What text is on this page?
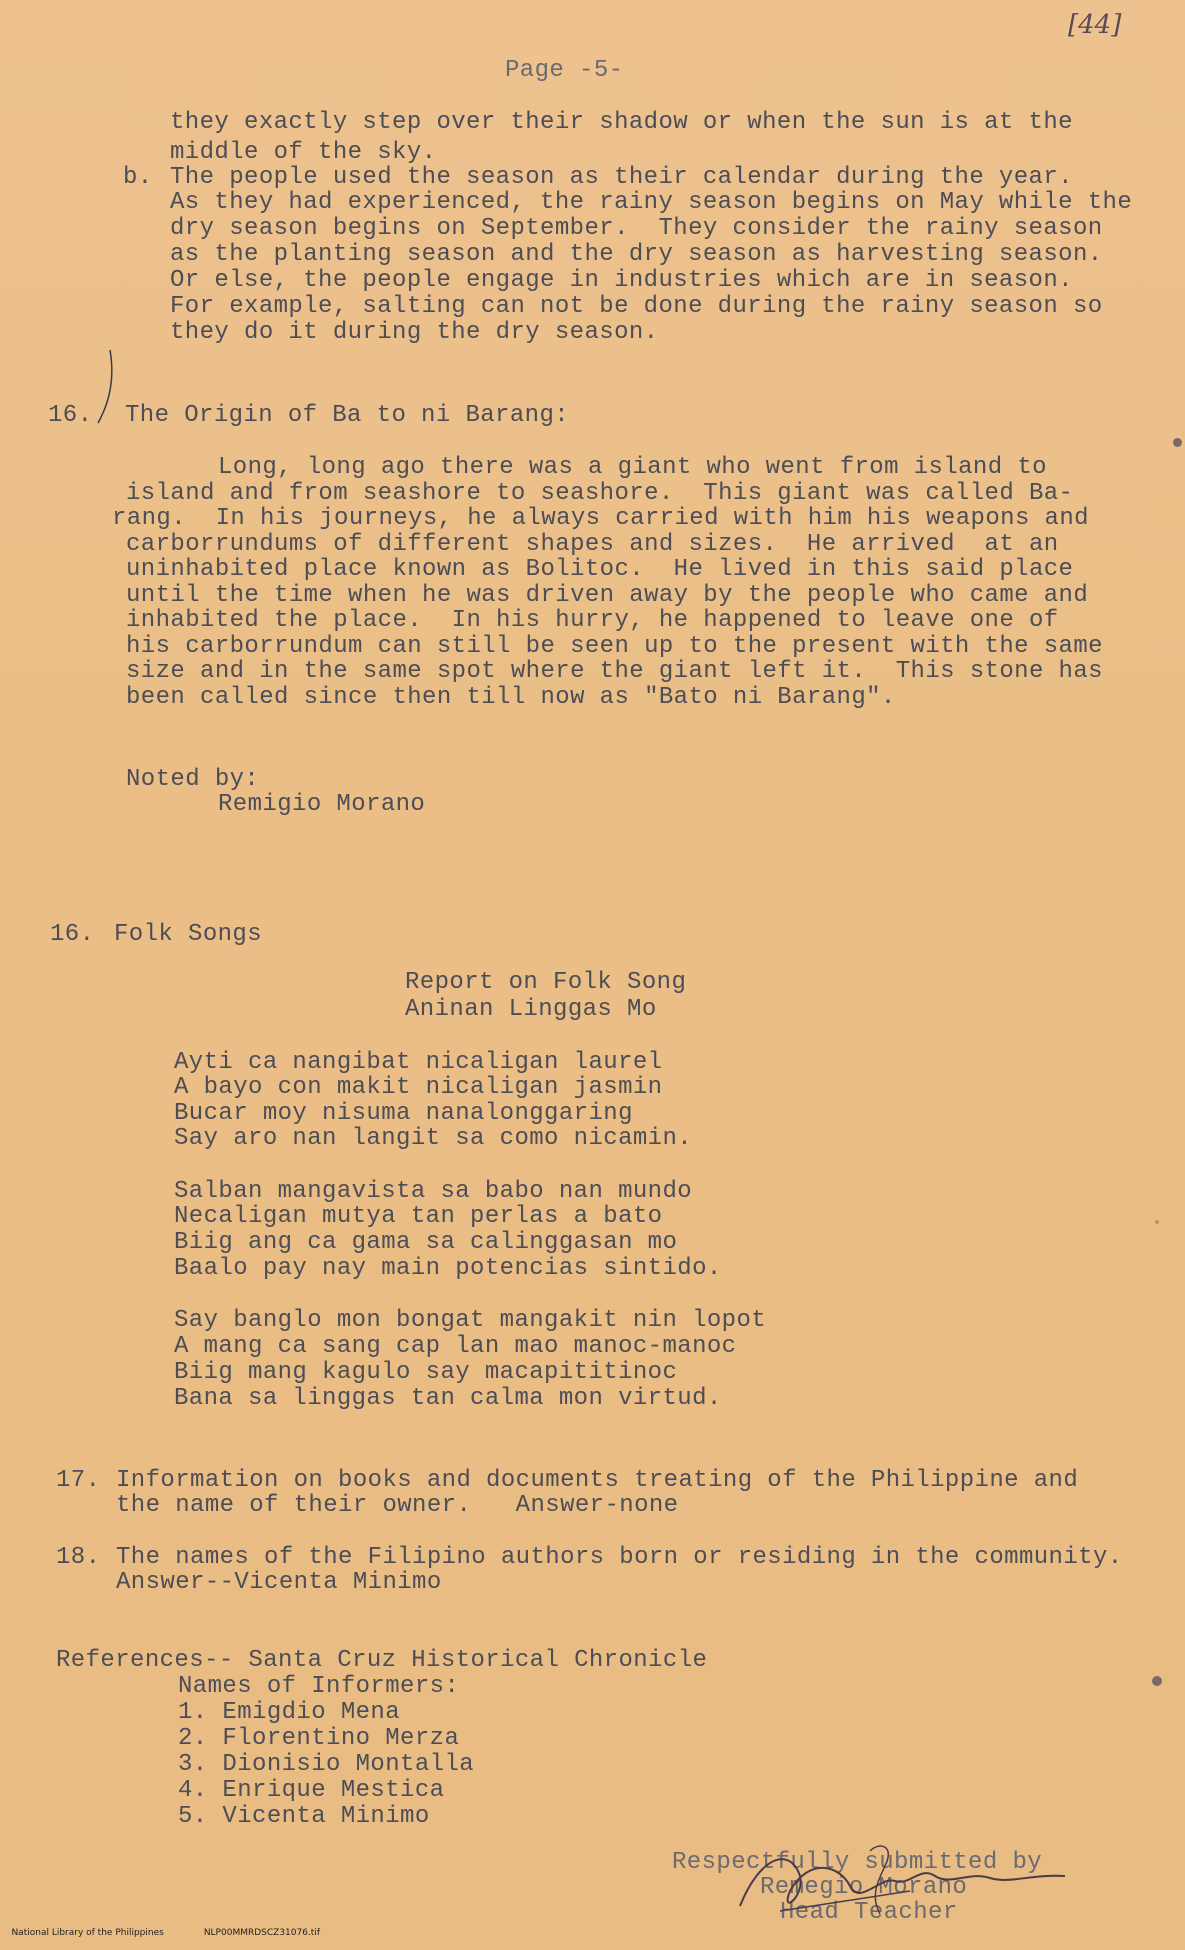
[44]
Page -5-
they exactly step over their shadow or when the sun is at the
middle of the sky.
b. The people used the season as their calendar during the year.
As they had experienced, the rainy season begins on May while the
dry season begins on September.  They consider the rainy season
as the planting season and the dry season as harvesting season.
Or else, the people engage in industries which are in season.
For example, salting can not be done during the rainy season so
they do it during the dry season.
16. The Origin of Ba to ni Barang:
Long, long ago there was a giant who went from island to
island and from seashore to seashore.  This giant was called Ba-
rang.  In his journeys, he always carried with him his weapons and
carborrundums of different shapes and sizes.  He arrived  at an
uninhabited place known as Bolitoc.  He lived in this said place
until the time when he was driven away by the people who came and
inhabited the place.  In his hurry, he happened to leave one of
his carborrundum can still be seen up to the present with the same
size and in the same spot where the giant left it.  This stone has
been called since then till now as "Bato ni Barang".
Noted by:
Remigio Morano
16. Folk Songs
Report on Folk Song
Aninan Linggas Mo
Ayti ca nangibat nicaligan laurel
A bayo con makit nicaligan jasmin
Bucar moy nisuma nanalonggaring
Say aro nan langit sa como nicamin.
Salban mangavista sa babo nan mundo
Necaligan mutya tan perlas a bato
Biig ang ca gama sa calinggasan mo
Baalo pay nay main potencias sintido.
Say banglo mon bongat mangakit nin lopot
A mang ca sang cap lan mao manoc-manoc
Biig mang kagulo say macapititinoc
Bana sa linggas tan calma mon virtud.
17. Information on books and documents treating of the Philippine and
the name of their owner.   Answer-none
18. The names of the Filipino authors born or residing in the community.
Answer--Vicenta Minimo
References-- Santa Cruz Historical Chronicle
Names of Informers:
1. Emigdio Mena
2. Florentino Merza
3. Dionisio Montalla
4. Enrique Mestica
5. Vicenta Minimo
Respectfully submitted by
Remegio Morano
Head Teacher

National Library of the Philippines	NLP00MMRDSCZ31076.tif
